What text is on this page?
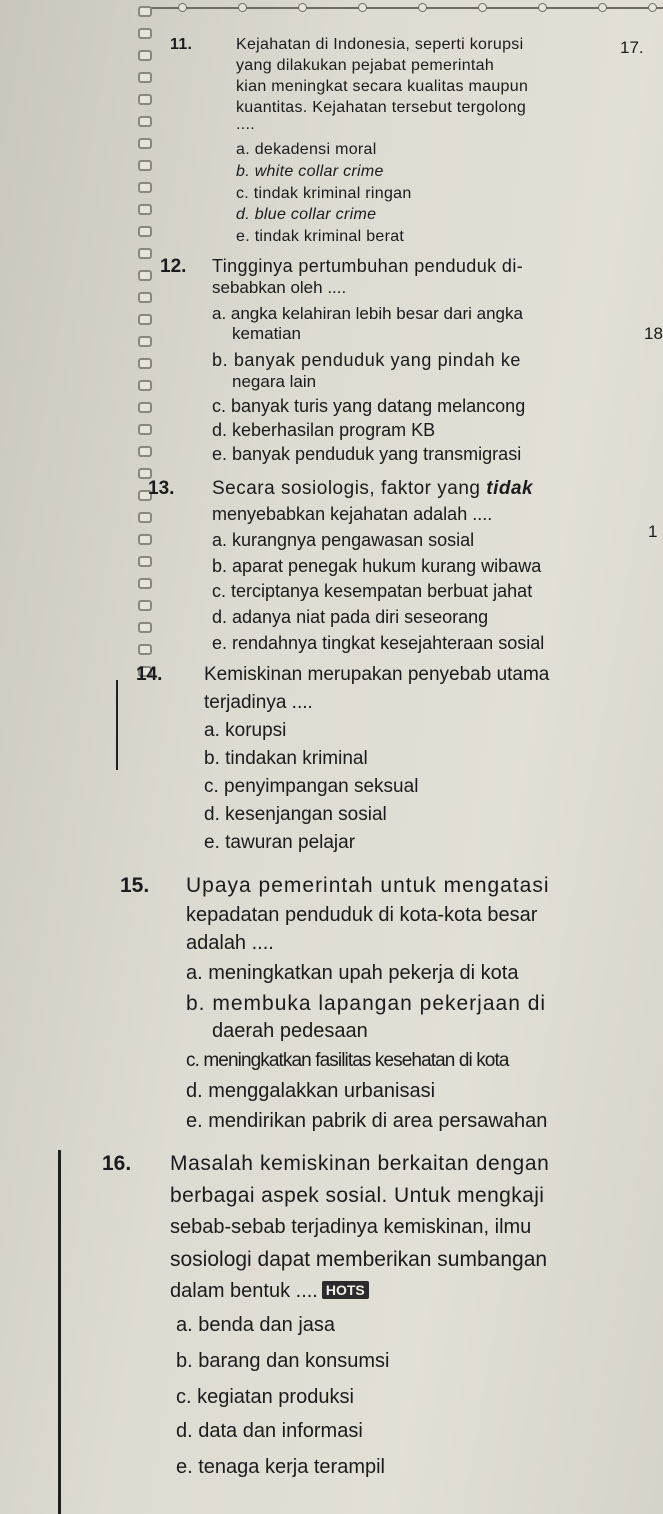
17.
18
1
11.	Kejahatan di Indonesia, seperti korupsi
yang dilakukan pejabat pemerintah
kian meningkat secara kualitas maupun
kuantitas. Kejahatan tersebut tergolong
....
a. dekadensi moral
b. white collar crime
c. tindak kriminal ringan
d. blue collar crime
e. tindak kriminal berat
12. Tingginya pertumbuhan penduduk di-
sebabkan oleh ....
a. angka kelahiran lebih besar dari angka
kematian
b. banyak penduduk yang pindah ke
negara lain
c. banyak turis yang datang melancong
d. keberhasilan program KB
e. banyak penduduk yang transmigrasi
13. Secara sosiologis, faktor yang tidak
menyebabkan kejahatan adalah ....
a. kurangnya pengawasan sosial
b. aparat penegak hukum kurang wibawa
c. terciptanya kesempatan berbuat jahat
d. adanya niat pada diri seseorang
e. rendahnya tingkat kesejahteraan sosial
14. Kemiskinan merupakan penyebab utama
terjadinya ....
a. korupsi
b. tindakan kriminal
c. penyimpangan seksual
d. kesenjangan sosial
e. tawuran pelajar
15. Upaya pemerintah untuk mengatasi
kepadatan penduduk di kota-kota besar
adalah ....
a. meningkatkan upah pekerja di kota
b. membuka lapangan pekerjaan di
daerah pedesaan
c. meningkatkan fasilitas kesehatan di kota
d. menggalakkan urbanisasi
e. mendirikan pabrik di area persawahan
16. Masalah kemiskinan berkaitan dengan
berbagai aspek sosial. Untuk mengkaji
sebab-sebab terjadinya kemiskinan, ilmu
sosiologi dapat memberikan sumbangan
dalam bentuk .... HOTS
a. benda dan jasa
b. barang dan konsumsi
c. kegiatan produksi
d. data dan informasi
e. tenaga kerja terampil
